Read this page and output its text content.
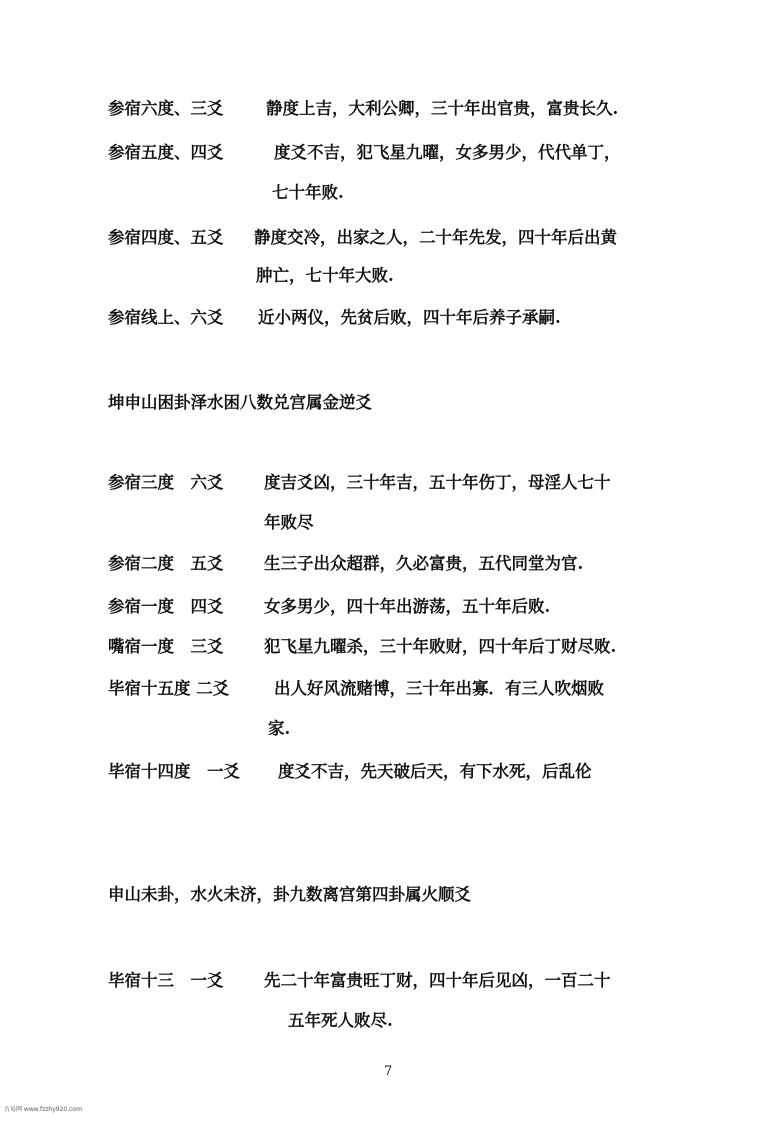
参宿六度、三爻	静度上吉，大利公卿，三十年出官贵，富贵长久.
参宿五度、四爻	度爻不吉，犯飞星九曜，女多男少，代代单丁，
七十年败.
参宿四度、五爻 静度交冷，出家之人，二十年先发，四十年后出黄
肿亡，七十年大败.
参宿线上、六爻 近小两仪，先贫后败，四十年后养子承嗣.
坤申山困卦泽水困八数兑宫属金逆爻
参宿三度　六爻 度吉爻凶，三十年吉，五十年伤丁，母淫人七十
年败尽
参宿二度　五爻 生三子出众超群，久必富贵，五代同堂为官.
参宿一度　四爻 女多男少，四十年出游荡，五十年后败.
嘴宿一度　三爻 犯飞星九曜杀，三十年败财，四十年后丁财尽败.
毕宿十五度 二爻	出人好风流赌博，三十年出寡．有三人吹烟败
家.
毕宿十四度　一爻 度爻不吉，先天破后天，有下水死，后乱伦
申山未卦，水火未济，卦九数离宫第四卦属火顺爻
毕宿十三　一爻 先二十年富贵旺丁财，四十年后见凶，一百二十
五年死人败尽.
7
古易网 www.fzzhy920.com
